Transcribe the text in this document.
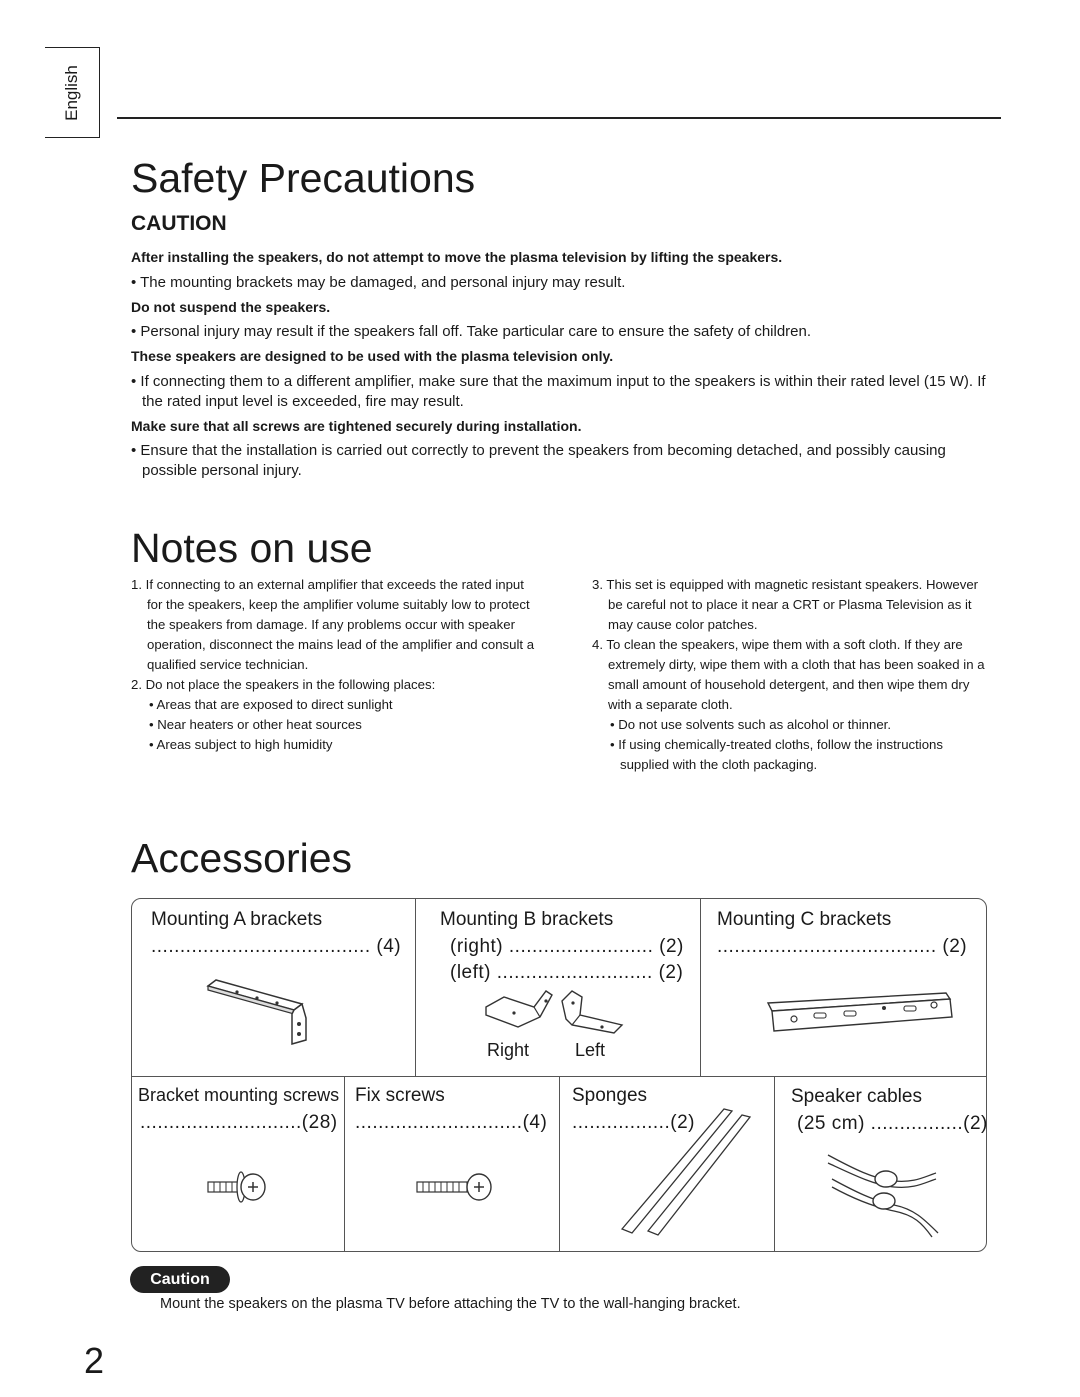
English
Safety Precautions
CAUTION

After installing the speakers, do not attempt to move the plasma television by lifting the speakers.

• The mounting brackets may be damaged, and personal injury may result.

Do not suspend the speakers.

• Personal injury may result if the speakers fall off. Take particular care to ensure the safety of children.

These speakers are designed to be used with the plasma television only.

• If connecting them to a different amplifier, make sure that the maximum input to the speakers is within their rated level (15 W). If the rated input level is exceeded, fire may result.

Make sure that all screws are tightened securely during installation.

• Ensure that the installation is carried out correctly to prevent the speakers from becoming detached, and possibly causing possible personal injury.

Notes on use

1. If connecting to an external amplifier that exceeds the rated input for the speakers, keep the amplifier volume suitably low to protect the speakers from damage. If any problems occur with speaker operation, disconnect the mains lead of the amplifier and consult a qualified service technician.

2. Do not place the speakers in the following places:

• Areas that are exposed to direct sunlight

• Near heaters or other heat sources

• Areas subject to high humidity

3. This set is equipped with magnetic resistant speakers. However be careful not to place it near a CRT or Plasma Television as it may cause color patches.

4. To clean the speakers, wipe them with a soft cloth. If they are extremely dirty, wipe them with a cloth that has been soaked in a small amount of household detergent, and then wipe them dry with a separate cloth.

• Do not use solvents such as alcohol or thinner.

• If using chemically-treated cloths, follow the instructions supplied with the cloth packaging.

Accessories
Mounting A brackets
...................................... (4)
Mounting B brackets
(right) ......................... (2)
(left) ........................... (2)
Right	Left
Mounting C brackets
...................................... (2)
Bracket mounting screws
............................(28)
Fix screws
.............................(4)
Sponges
.................(2)
Speaker cables
(25 cm) ................(2)
Caution

Mount the speakers on the plasma TV before attaching the TV to the wall-hanging bracket.

2
